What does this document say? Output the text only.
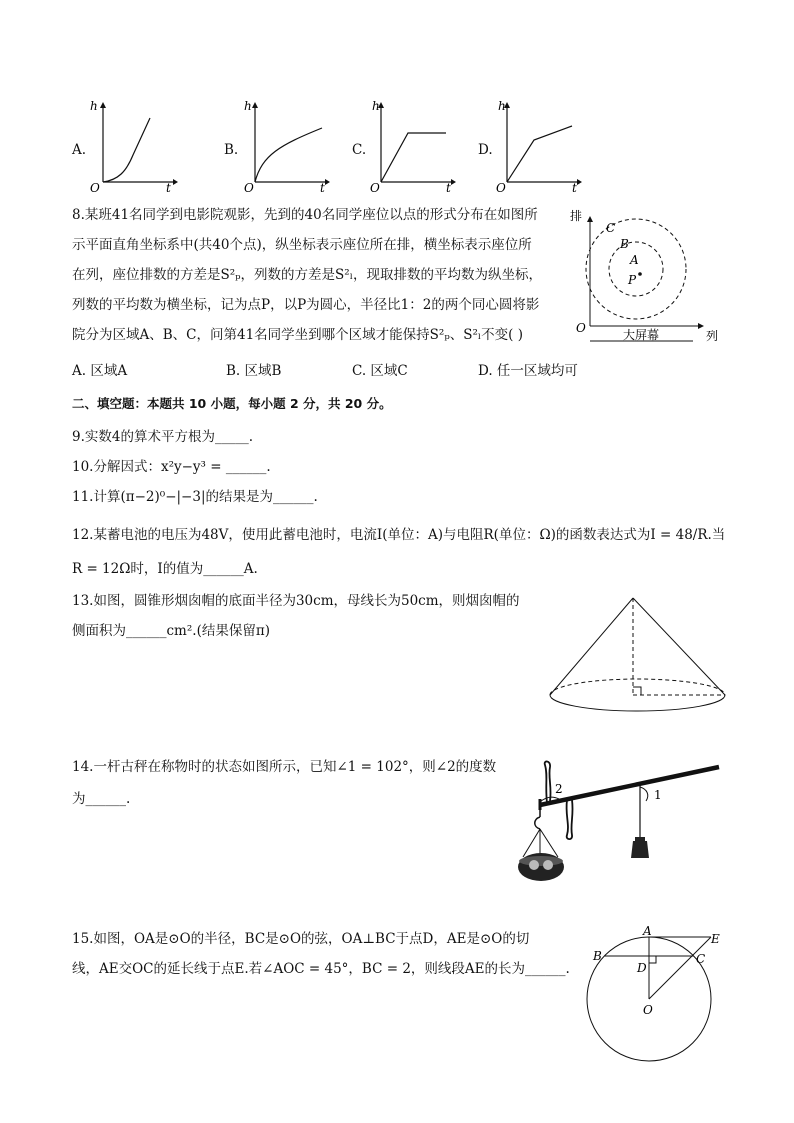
A.
h
t
O
B.
h
t
O
C.
h
t
O
D.
h
t
O
8.某班41名同学到电影院观影，先到的40名同学座位以点的形式分布在如图所
示平面直角坐标系中(共40个点)，纵坐标表示座位所在排，横坐标表示座位所
在列，座位排数的方差是S²ₚ，列数的方差是S²ₗ，现取排数的平均数为纵坐标，
列数的平均数为横坐标，记为点P，以P为圆心，半径比1：2的两个同心圆将影
院分为区域A、B、C，问第41名同学坐到哪个区域才能保持S²ₚ、S²ₗ不变( )
A. 区域A	B. 区域B	C. 区域C	D. 任一区域均可
排
列
O	大屏幕
C
B
A
P
二、填空题：本题共 10 小题，每小题 2 分，共 20 分。
9.实数4的算术平方根为_____.
10.分解因式：x²y−y³ = ______.
11.计算(π−2)⁰−|−3|的结果是为______.
12.某蓄电池的电压为48V，使用此蓄电池时，电流I(单位：A)与电阻R(单位：Ω)的函数表达式为I = 48/R.当
R = 12Ω时，I的值为______A.
13.如图，圆锥形烟囱帽的底面半径为30cm，母线长为50cm，则烟囱帽的
侧面积为______cm².(结果保留π)
14.一杆古秤在称物时的状态如图所示，已知∠1 = 102°，则∠2的度数
为______.	1
2
15.如图，OA是⊙O的半径，BC是⊙O的弦，OA⊥BC于点D，AE是⊙O的切
线，AE交OC的延长线于点E.若∠AOC = 45°，BC = 2，则线段AE的长为______.
A
B	C
D
E
O
